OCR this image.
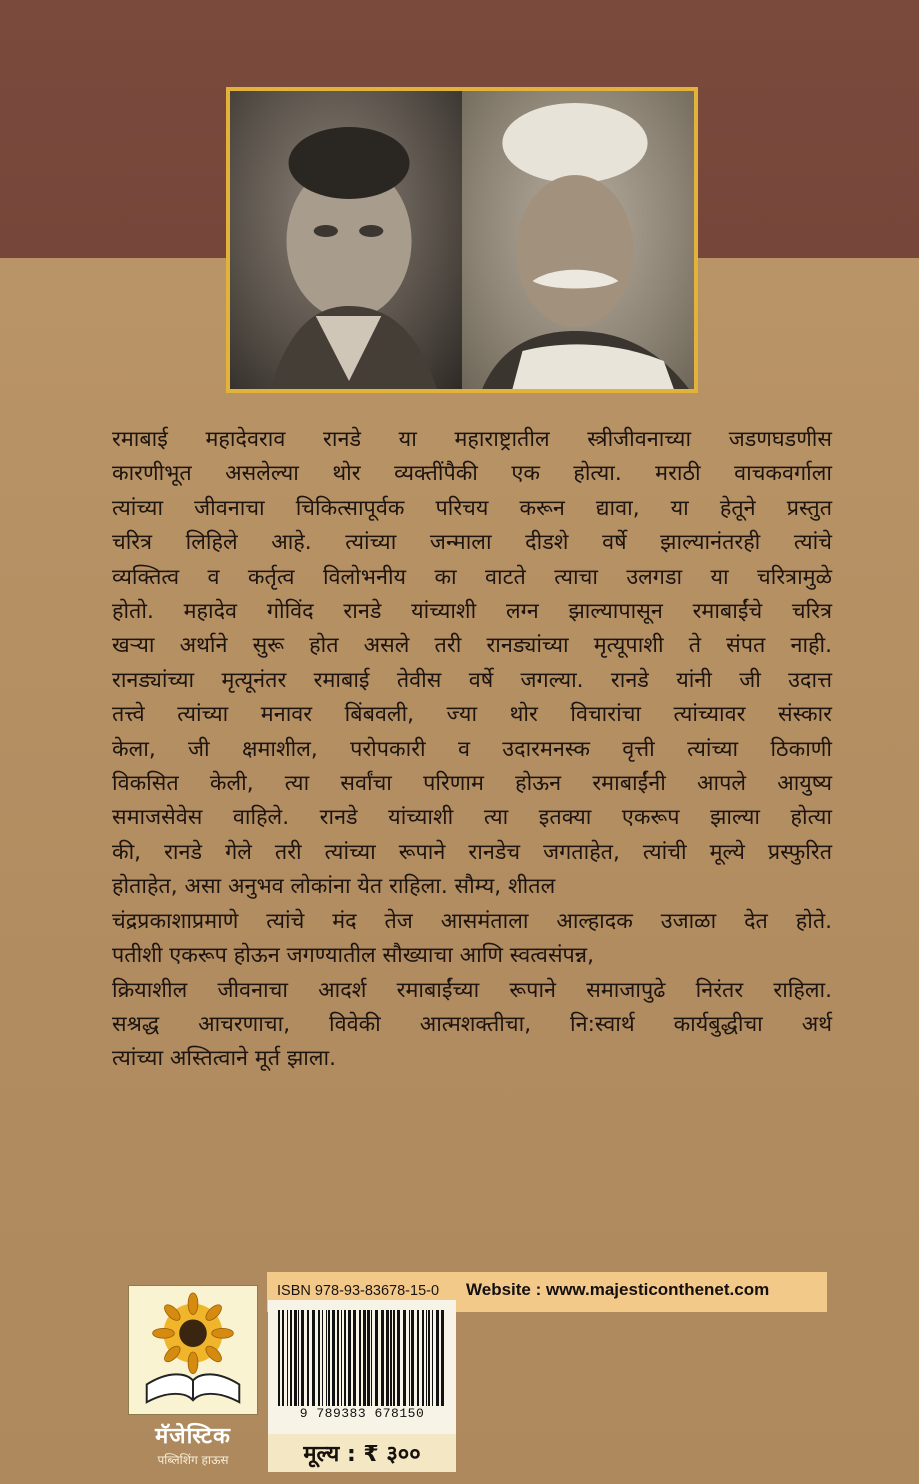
रमाबाई महादेवराव रानडे या महाराष्ट्रातील स्त्रीजीवनाच्या जडणघडणीस
कारणीभूत असलेल्या थोर व्यक्तींपैकी एक होत्या. मराठी वाचकवर्गाला
त्यांच्या जीवनाचा चिकित्सापूर्वक परिचय करून द्यावा, या हेतूने प्रस्तुत
चरित्र लिहिले आहे. त्यांच्या जन्माला दीडशे वर्षे झाल्यानंतरही त्यांचे
व्यक्तित्व व कर्तृत्व विलोभनीय का वाटते त्याचा उलगडा या चरित्रामुळे
होतो. महादेव गोविंद रानडे यांच्याशी लग्न झाल्यापासून रमाबाईंचे चरित्र
खऱ्या अर्थाने सुरू होत असले तरी रानड्यांच्या मृत्यूपाशी ते संपत नाही.
रानड्यांच्या मृत्यूनंतर रमाबाई तेवीस वर्षे जगल्या. रानडे यांनी जी उदात्त
तत्त्वे त्यांच्या मनावर बिंबवली, ज्या थोर विचारांचा त्यांच्यावर संस्कार
केला, जी क्षमाशील, परोपकारी व उदारमनस्क वृत्ती त्यांच्या ठिकाणी
विकसित केली, त्या सर्वांचा परिणाम होऊन रमाबाईंनी आपले आयुष्य
समाजसेवेस वाहिले. रानडे यांच्याशी त्या इतक्या एकरूप झाल्या होत्या
की, रानडे गेले तरी त्यांच्या रूपाने रानडेच जगताहेत, त्यांची मूल्ये प्रस्फुरित
होताहेत, असा अनुभव लोकांना येत राहिला. सौम्य, शीतल
चंद्रप्रकाशाप्रमाणे त्यांचे मंद तेज आसमंताला आल्हादक उजाळा देत होते.
पतीशी एकरूप होऊन जगण्यातील सौख्याचा आणि स्वत्वसंपन्न,
क्रियाशील जीवनाचा आदर्श रमाबाईंच्या रूपाने समाजापुढे निरंतर राहिला.
सश्रद्ध आचरणाचा, विवेकी आत्मशक्तीचा, नि:स्वार्थ कार्यबुद्धीचा अर्थ
त्यांच्या अस्तित्वाने मूर्त झाला.
मॅजेस्टिक
पब्लिशिंग हाऊस
ISBN 978-93-83678-15-0 Website : www.majesticonthenet.com
9 789383 678150
मूल्य : ₹ ३००
